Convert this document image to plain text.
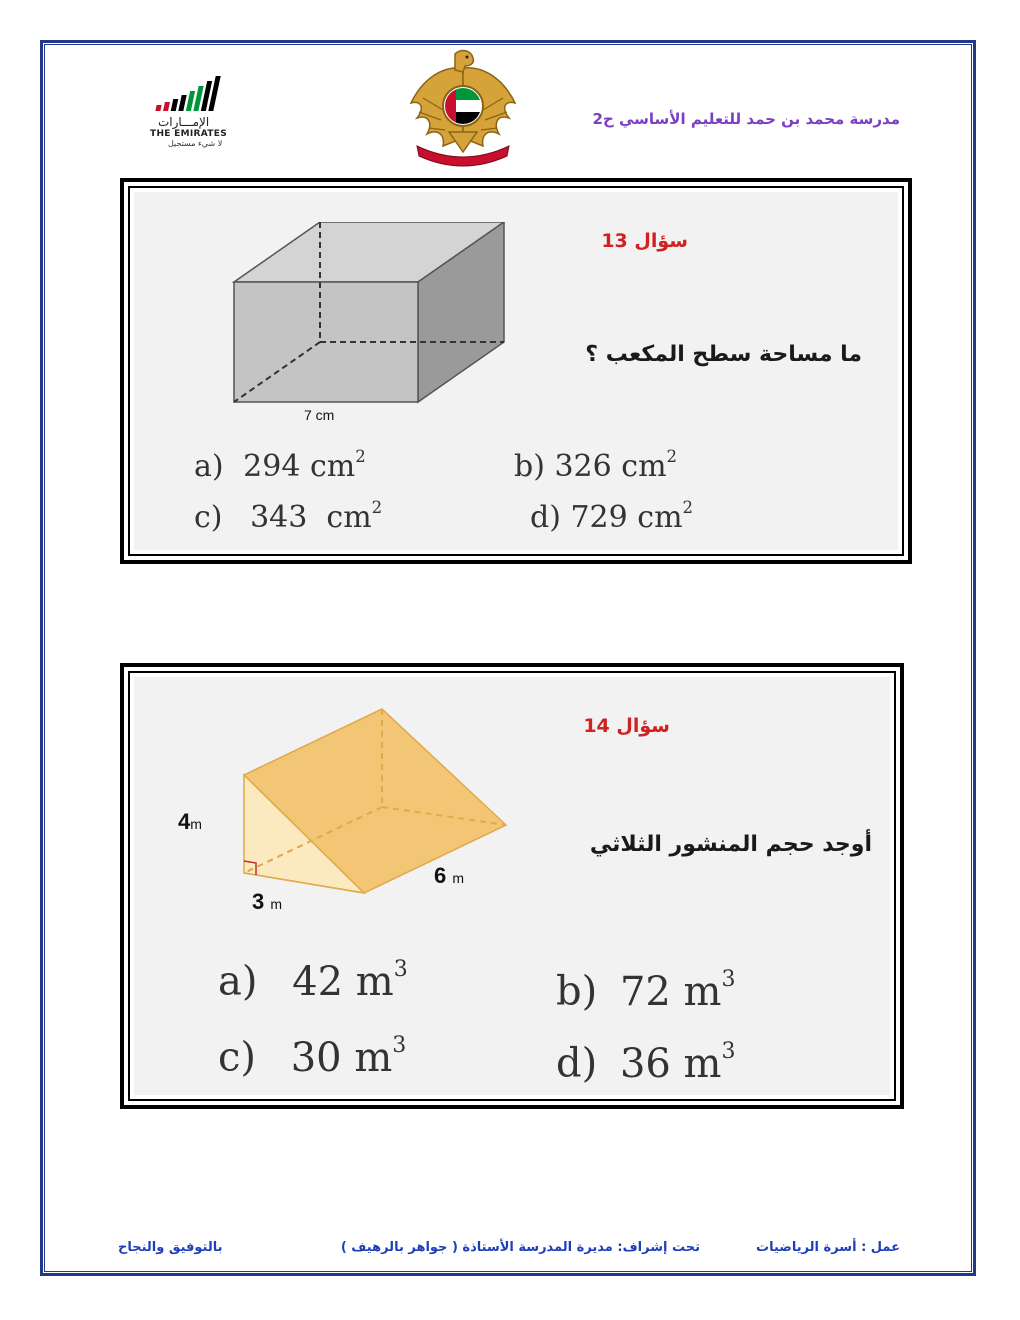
الإمـــارات
THE EMIRATES
لا شيء مستحيل
مدرسة محمد بن حمد للتعليم الأساسي ح2
سؤال 13
ما مساحة سطح المكعب ؟
7 cm
a) 294 $cm^2$	b) 326 $cm^2$
c) 343  $cm^2$	d) 729 $cm^2$
سؤال 14
أوجد حجم المنشور الثلاثي
4m
3 m
6 m
a) 42 $m^3$	b) 72 $m^3$
c) 30 $m^3$	d) 36 $m^3$
عمل : أسرة الرياضيات
تحت إشراف: مديرة المدرسة الأستاذة ( جواهر بالرهيف )
بالتوفيق والنجاح
